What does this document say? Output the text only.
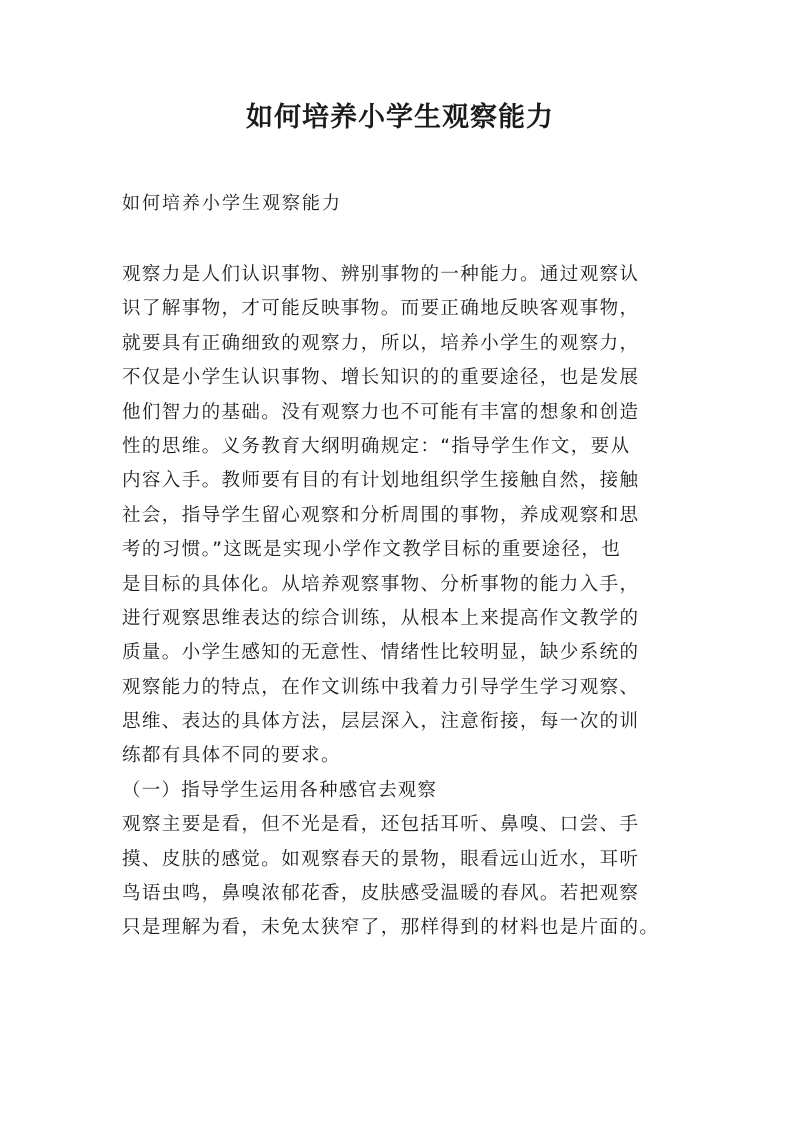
如何培养小学生观察能力

如何培养小学生观察能力

观察力是人们认识事物、辨别事物的一种能力。通过观察认
识了解事物，才可能反映事物。而要正确地反映客观事物，
就要具有正确细致的观察力，所以，培养小学生的观察力，
不仅是小学生认识事物、增长知识的的重要途径，也是发展
他们智力的基础。没有观察力也不可能有丰富的想象和创造
性的思维。义务教育大纲明确规定：“指导学生作文，要从
内容入手。教师要有目的有计划地组织学生接触自然，接触
社会，指导学生留心观察和分析周围的事物，养成观察和思
考的习惯。”这既是实现小学作文教学目标的重要途径，也
是目标的具体化。从培养观察事物、分析事物的能力入手，
进行观察思维表达的综合训练，从根本上来提高作文教学的
质量。小学生感知的无意性、情绪性比较明显，缺少系统的
观察能力的特点，在作文训练中我着力引导学生学习观察、
思维、表达的具体方法，层层深入，注意衔接，每一次的训
练都有具体不同的要求。
（一）指导学生运用各种感官去观察
观察主要是看，但不光是看，还包括耳听、鼻嗅、口尝、手
摸、皮肤的感觉。如观察春天的景物，眼看远山近水，耳听
鸟语虫鸣，鼻嗅浓郁花香，皮肤感受温暖的春风。若把观察
只是理解为看，未免太狭窄了，那样得到的材料也是片面的。
